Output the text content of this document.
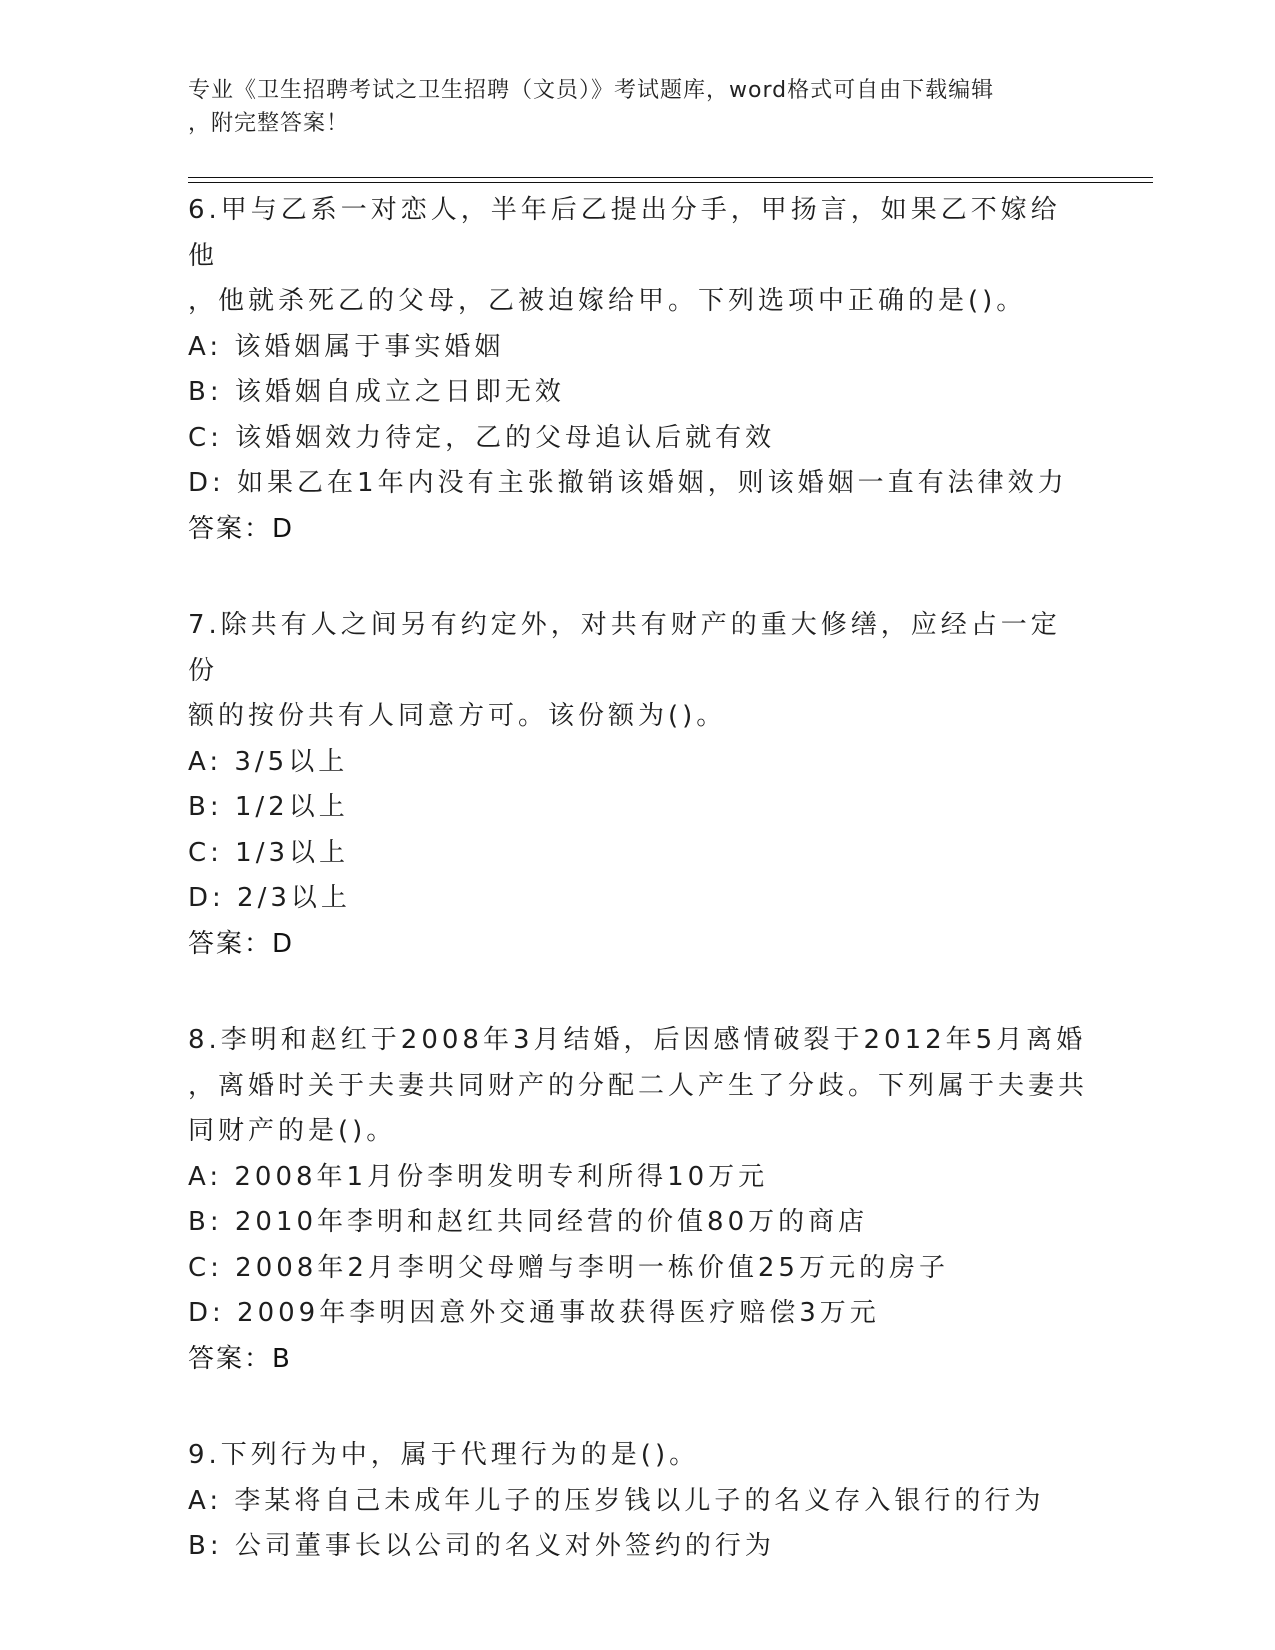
专业《卫生招聘考试之卫生招聘（文员）》考试题库，word格式可自由下载编辑
，附完整答案！
6.甲与乙系一对恋人，半年后乙提出分手，甲扬言，如果乙不嫁给他
，他就杀死乙的父母，乙被迫嫁给甲。下列选项中正确的是()。
A: 该婚姻属于事实婚姻
B: 该婚姻自成立之日即无效
C: 该婚姻效力待定，乙的父母追认后就有效
D: 如果乙在1年内没有主张撤销该婚姻，则该婚姻一直有法律效力
答案：D
7.除共有人之间另有约定外，对共有财产的重大修缮，应经占一定份
额的按份共有人同意方可。该份额为()。
A: 3/5以上
B: 1/2以上
C: 1/3以上
D: 2/3以上
答案：D
8.李明和赵红于2008年3月结婚，后因感情破裂于2012年5月离婚
，离婚时关于夫妻共同财产的分配二人产生了分歧。下列属于夫妻共
同财产的是()。
A: 2008年1月份李明发明专利所得10万元
B: 2010年李明和赵红共同经营的价值80万的商店
C: 2008年2月李明父母赠与李明一栋价值25万元的房子
D: 2009年李明因意外交通事故获得医疗赔偿3万元
答案：B
9.下列行为中，属于代理行为的是()。
A: 李某将自己未成年儿子的压岁钱以儿子的名义存入银行的行为
B: 公司董事长以公司的名义对外签约的行为
